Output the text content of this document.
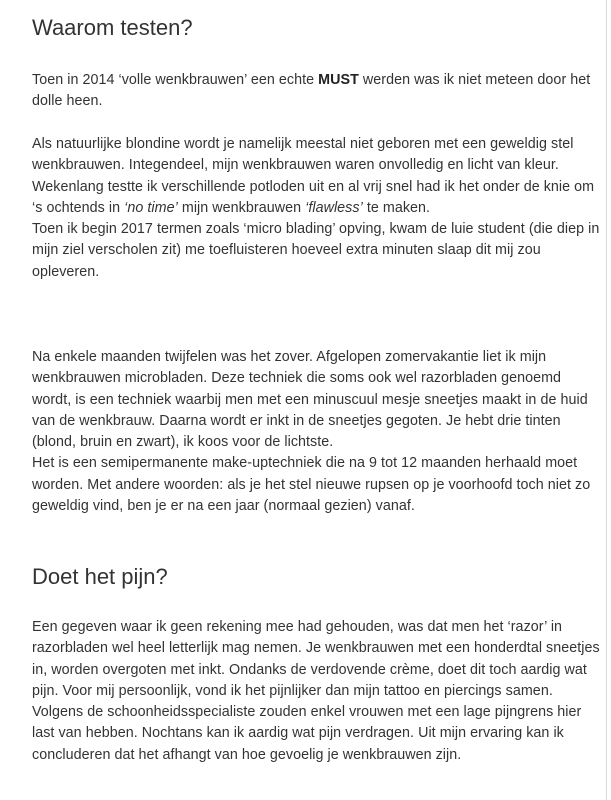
Waarom testen?

Toen in 2014 ‘volle wenkbrauwen’ een echte MUST werden was ik niet meteen door het dolle heen.

Als natuurlijke blondine wordt je namelijk meestal niet geboren met een geweldig stel wenkbrauwen. Integendeel, mijn wenkbrauwen waren onvolledig en licht van kleur.
Wekenlang testte ik verschillende potloden uit en al vrij snel had ik het onder de knie om ‘s ochtends in ‘no time’ mijn wenkbrauwen ‘flawless’ te maken.
Toen ik begin 2017 termen zoals ‘micro blading’ opving, kwam de luie student (die diep in mijn ziel verscholen zit) me toefluisteren hoeveel extra minuten slaap dit mij zou opleveren.

Na enkele maanden twijfelen was het zover. Afgelopen zomervakantie liet ik mijn wenkbrauwen microbladen. Deze techniek die soms ook wel razorbladen genoemd wordt, is een techniek waarbij men met een minuscuul mesje sneetjes maakt in de huid van de wenkbrauw. Daarna wordt er inkt in de sneetjes gegoten. Je hebt drie tinten (blond, bruin en zwart), ik koos voor de lichtste.
Het is een semipermanente make-uptechniek die na 9 tot 12 maanden herhaald moet worden. Met andere woorden: als je het stel nieuwe rupsen op je voorhoofd toch niet zo geweldig vind, ben je er na een jaar (normaal gezien) vanaf.

Doet het pijn?

Een gegeven waar ik geen rekening mee had gehouden, was dat men het ‘razor’ in razorbladen wel heel letterlijk mag nemen. Je wenkbrauwen met een honderdtal sneetjes in, worden overgoten met inkt. Ondanks de verdovende crème, doet dit toch aardig wat pijn. Voor mij persoonlijk, vond ik het pijnlijker dan mijn tattoo en piercings samen. Volgens de schoonheidsspecialiste zouden enkel vrouwen met een lage pijngrens hier last van hebben. Nochtans kan ik aardig wat pijn verdragen. Uit mijn ervaring kan ik concluderen dat het afhangt van hoe gevoelig je wenkbrauwen zijn.
